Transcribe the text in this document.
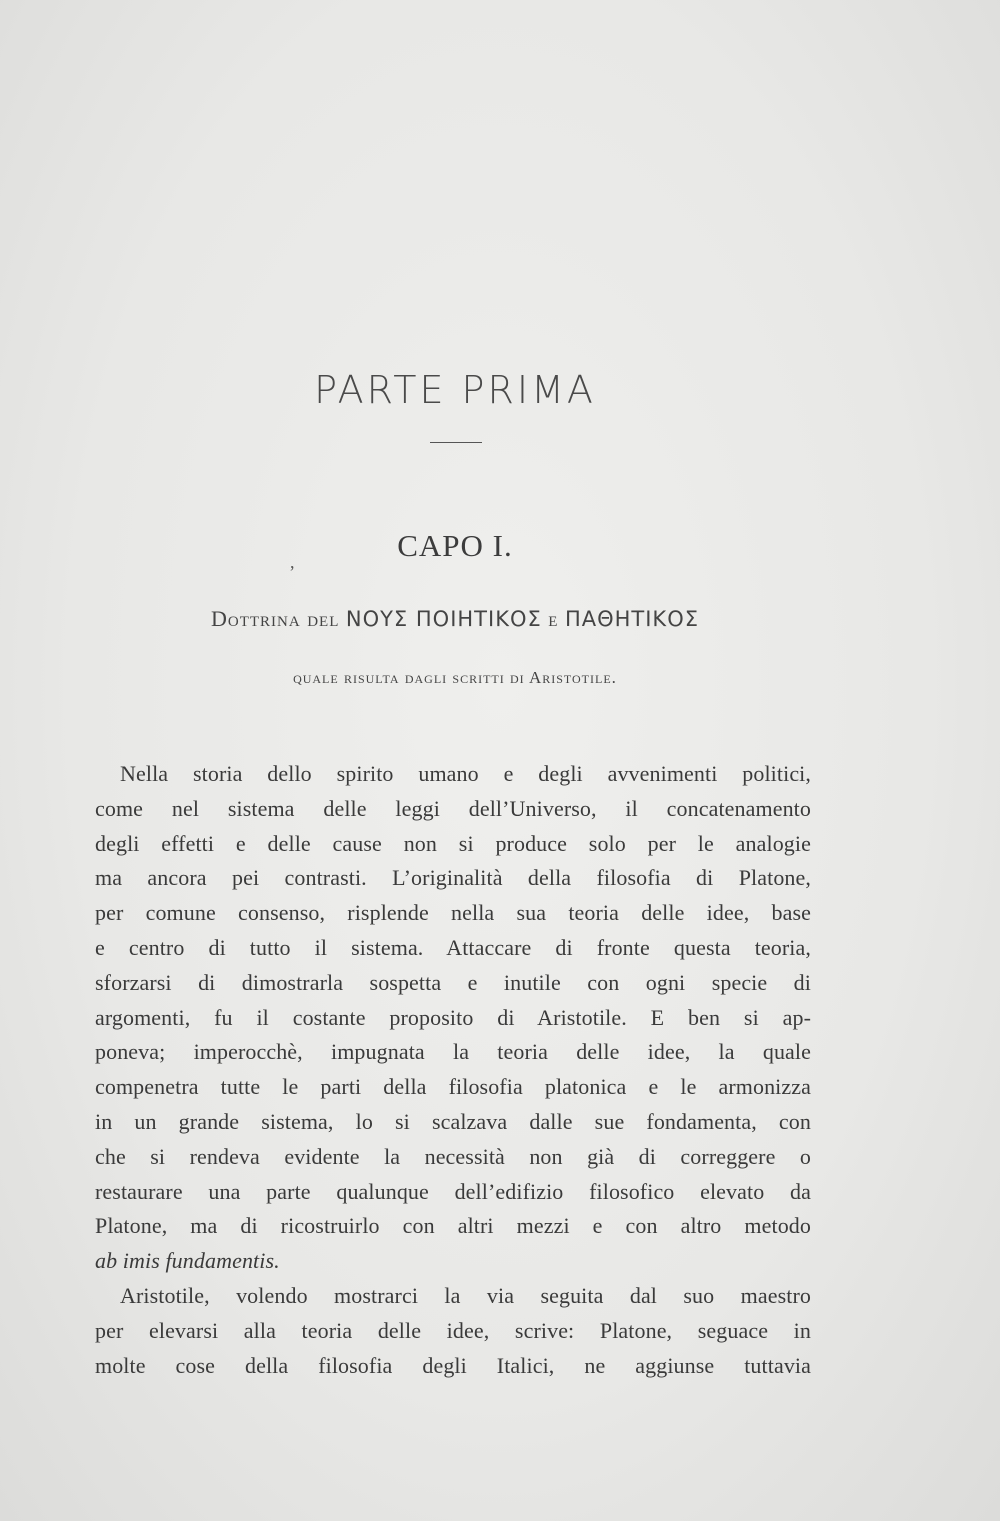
PARTE PRIMA
,	CAPO I.
Dottrina del ΝΟΥΣ ΠΟΙΗΤΙΚΟΣ e ΠΑΘΗΤΙΚΟΣ
quale risulta dagli scritti di Aristotile.
Nella storia dello spirito umano e degli avvenimenti politici,
come nel sistema delle leggi dell’Universo, il concatenamento
degli effetti e delle cause non si produce solo per le analogie
ma ancora pei contrasti. L’originalità della filosofia di Platone,
per comune consenso, risplende nella sua teoria delle idee, base
e centro di tutto il sistema. Attaccare di fronte questa teoria,
sforzarsi di dimostrarla sospetta e inutile con ogni specie di
argomenti, fu il costante proposito di Aristotile. E ben si ap-
poneva; imperocchè, impugnata la teoria delle idee, la quale
compenetra tutte le parti della filosofia platonica e le armonizza
in un grande sistema, lo si scalzava dalle sue fondamenta, con
che si rendeva evidente la necessità non già di correggere o
restaurare una parte qualunque dell’edifizio filosofico elevato da
Platone, ma di ricostruirlo con altri mezzi e con altro metodo
ab imis fundamentis.
Aristotile, volendo mostrarci la via seguita dal suo maestro
per elevarsi alla teoria delle idee, scrive: Platone, seguace in
molte cose della filosofia degli Italici, ne aggiunse tuttavia
